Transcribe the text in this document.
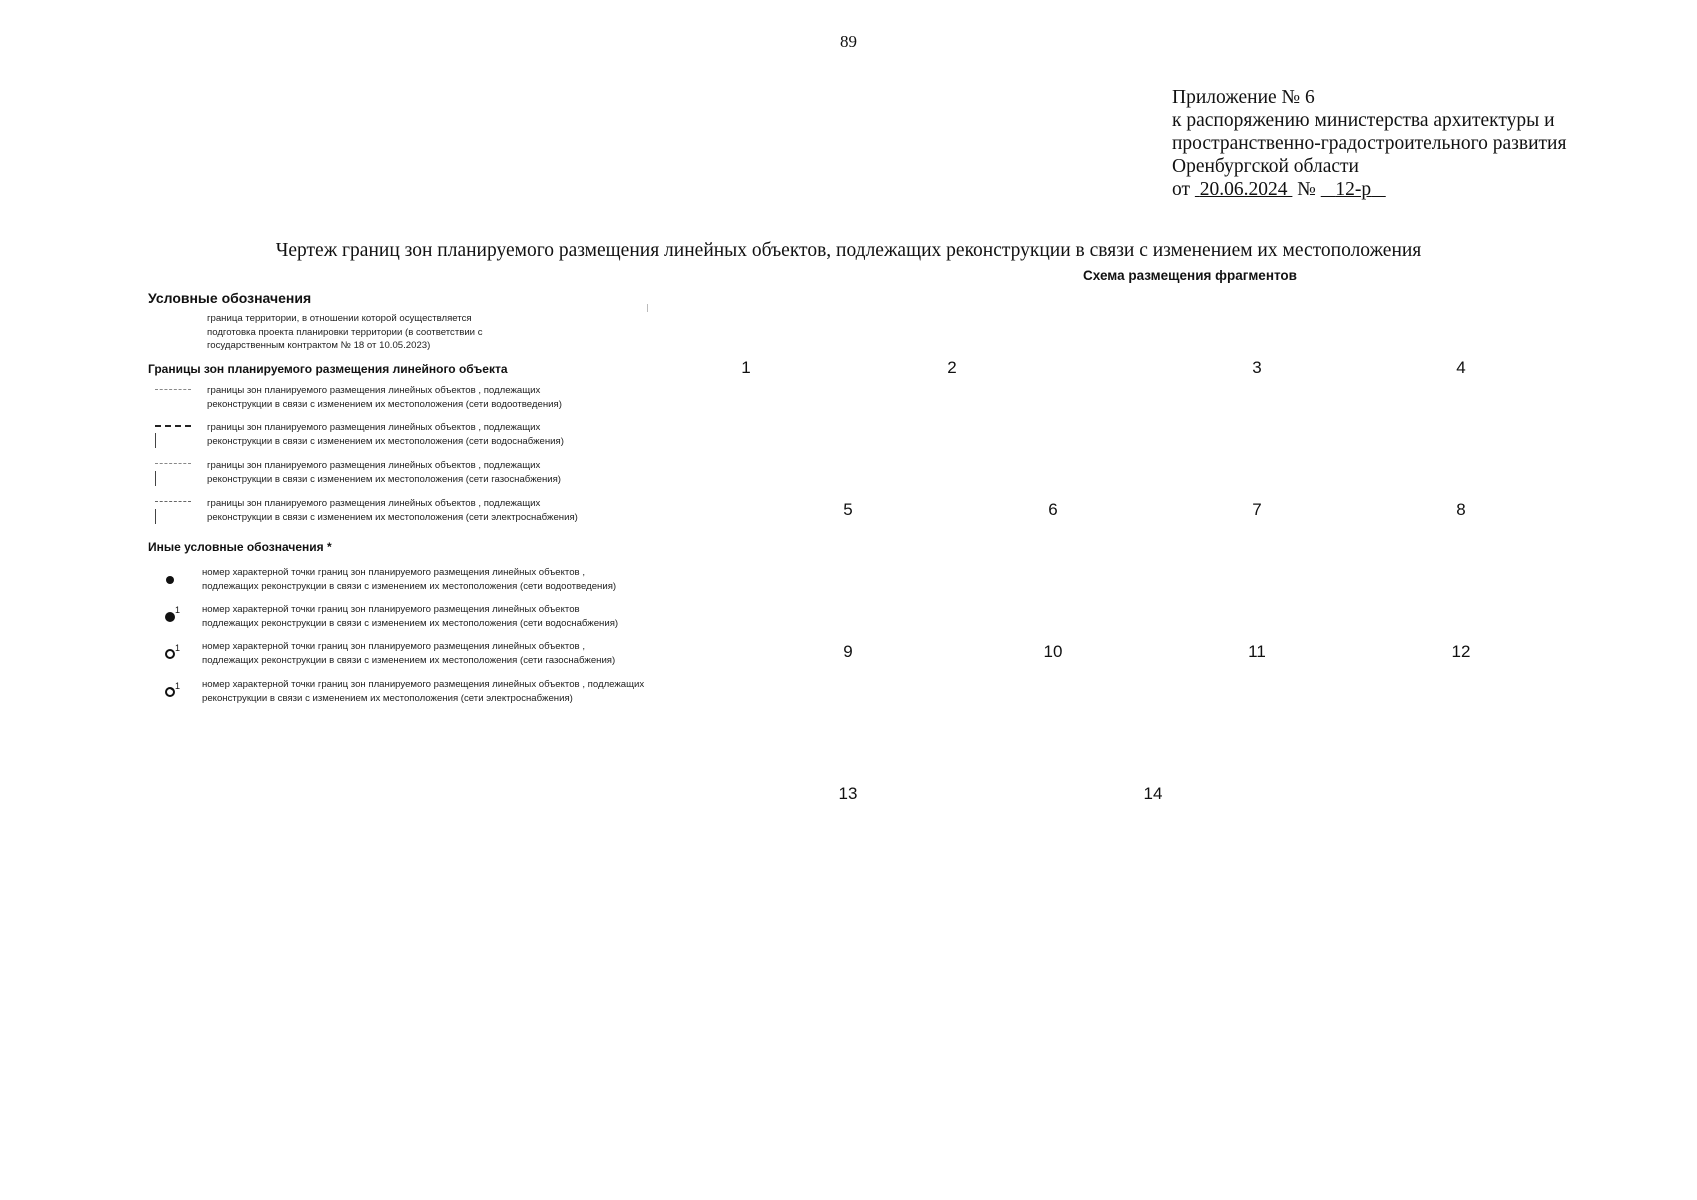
89
Приложение № 6
к распоряжению министерства архитектуры и
пространственно-градостроительного развития
Оренбургской области
от 20.06.2024 № 12-р
Чертеж границ зон планируемого размещения линейных объектов, подлежащих реконструкции в связи с изменением их местоположения
Схема размещения фрагментов
Условные обозначения
граница территории, в отношении которой осуществляется
подготовка проекта планировки территории (в соответствии с
государственным контрактом № 18 от 10.05.2023)
Границы зон планируемого размещения линейного объекта
границы зон планируемого размещения линейных объектов , подлежащих
реконструкции в связи с изменением их местоположения (сети водоотведения)
границы зон планируемого размещения линейных объектов , подлежащих
реконструкции в связи с изменением их местоположения (сети водоснабжения)
границы зон планируемого размещения линейных объектов , подлежащих
реконструкции в связи с изменением их местоположения (сети газоснабжения)
границы зон планируемого размещения линейных объектов , подлежащих
реконструкции в связи с изменением их местоположения (сети электроснабжения)
Иные условные обозначения *
номер характерной точки границ зон планируемого размещения линейных объектов ,
подлежащих реконструкции в связи с изменением их местоположения (сети водоотведения)
1 номер характерной точки границ зон планируемого размещения линейных объектов
подлежащих реконструкции в связи с изменением их местоположения (сети водоснабжения)
1 номер характерной точки границ зон планируемого размещения линейных объектов ,
подлежащих реконструкции в связи с изменением их местоположения (сети газоснабжения)
1 номер характерной точки границ зон планируемого размещения линейных объектов , подлежащих
реконструкции в связи с изменением их местоположения (сети электроснабжения)
1	2	3	4
5	6	7	8
9	10	11	12
13	14
